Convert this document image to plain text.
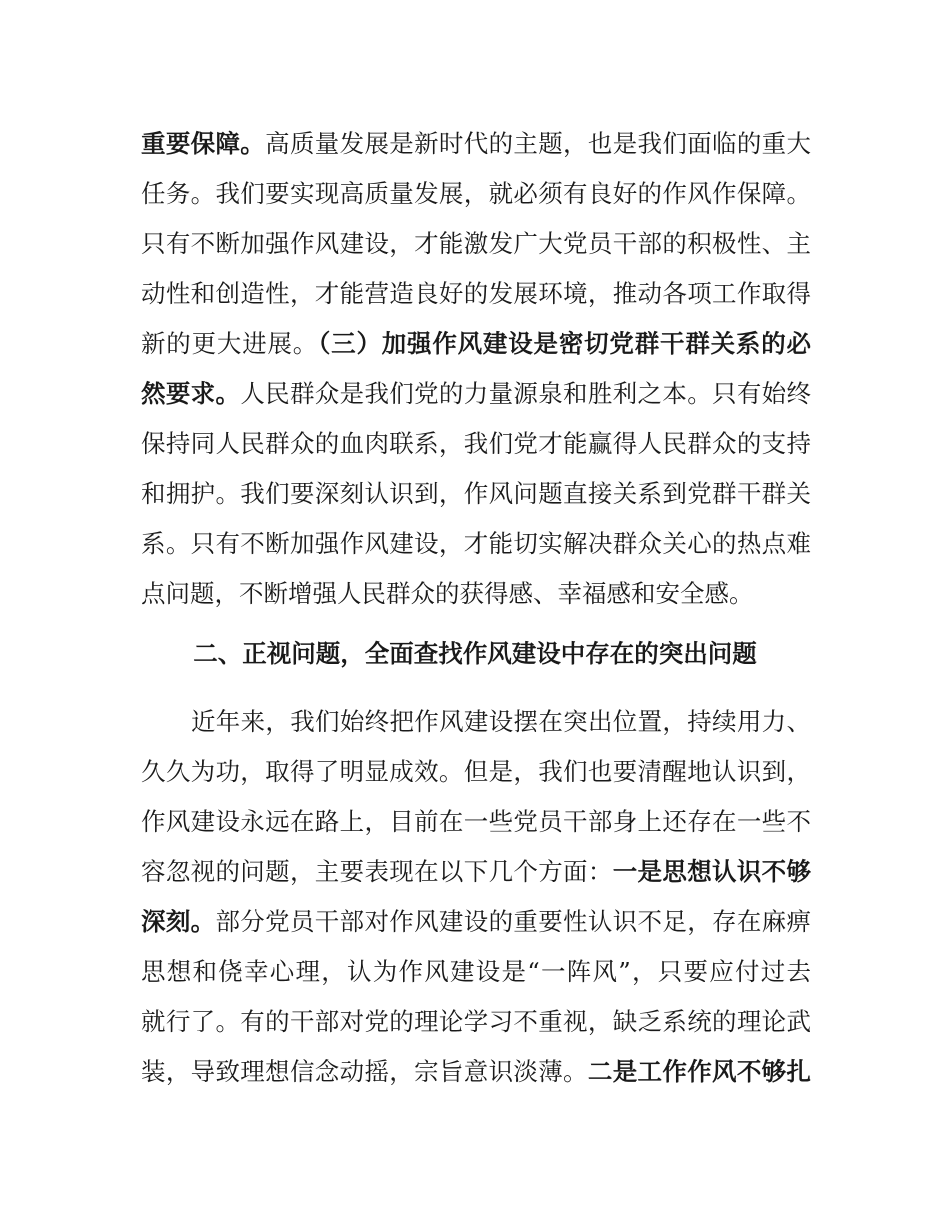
重要保障。高质量发展是新时代的主题，也是我们面临的重大
任务。我们要实现高质量发展，就必须有良好的作风作保障。
只有不断加强作风建设，才能激发广大党员干部的积极性、主
动性和创造性，才能营造良好的发展环境，推动各项工作取得
新的更大进展。（三）加强作风建设是密切党群干群关系的必
然要求。人民群众是我们党的力量源泉和胜利之本。只有始终
保持同人民群众的血肉联系，我们党才能赢得人民群众的支持
和拥护。我们要深刻认识到，作风问题直接关系到党群干群关
系。只有不断加强作风建设，才能切实解决群众关心的热点难
点问题，不断增强人民群众的获得感、幸福感和安全感。
二、正视问题，全面查找作风建设中存在的突出问题
近年来，我们始终把作风建设摆在突出位置，持续用力、
久久为功，取得了明显成效。但是，我们也要清醒地认识到，
作风建设永远在路上，目前在一些党员干部身上还存在一些不
容忽视的问题，主要表现在以下几个方面：一是思想认识不够
深刻。部分党员干部对作风建设的重要性认识不足，存在麻痹
思想和侥幸心理，认为作风建设是“一阵风”，只要应付过去
就行了。有的干部对党的理论学习不重视，缺乏系统的理论武
装，导致理想信念动摇，宗旨意识淡薄。二是工作作风不够扎
